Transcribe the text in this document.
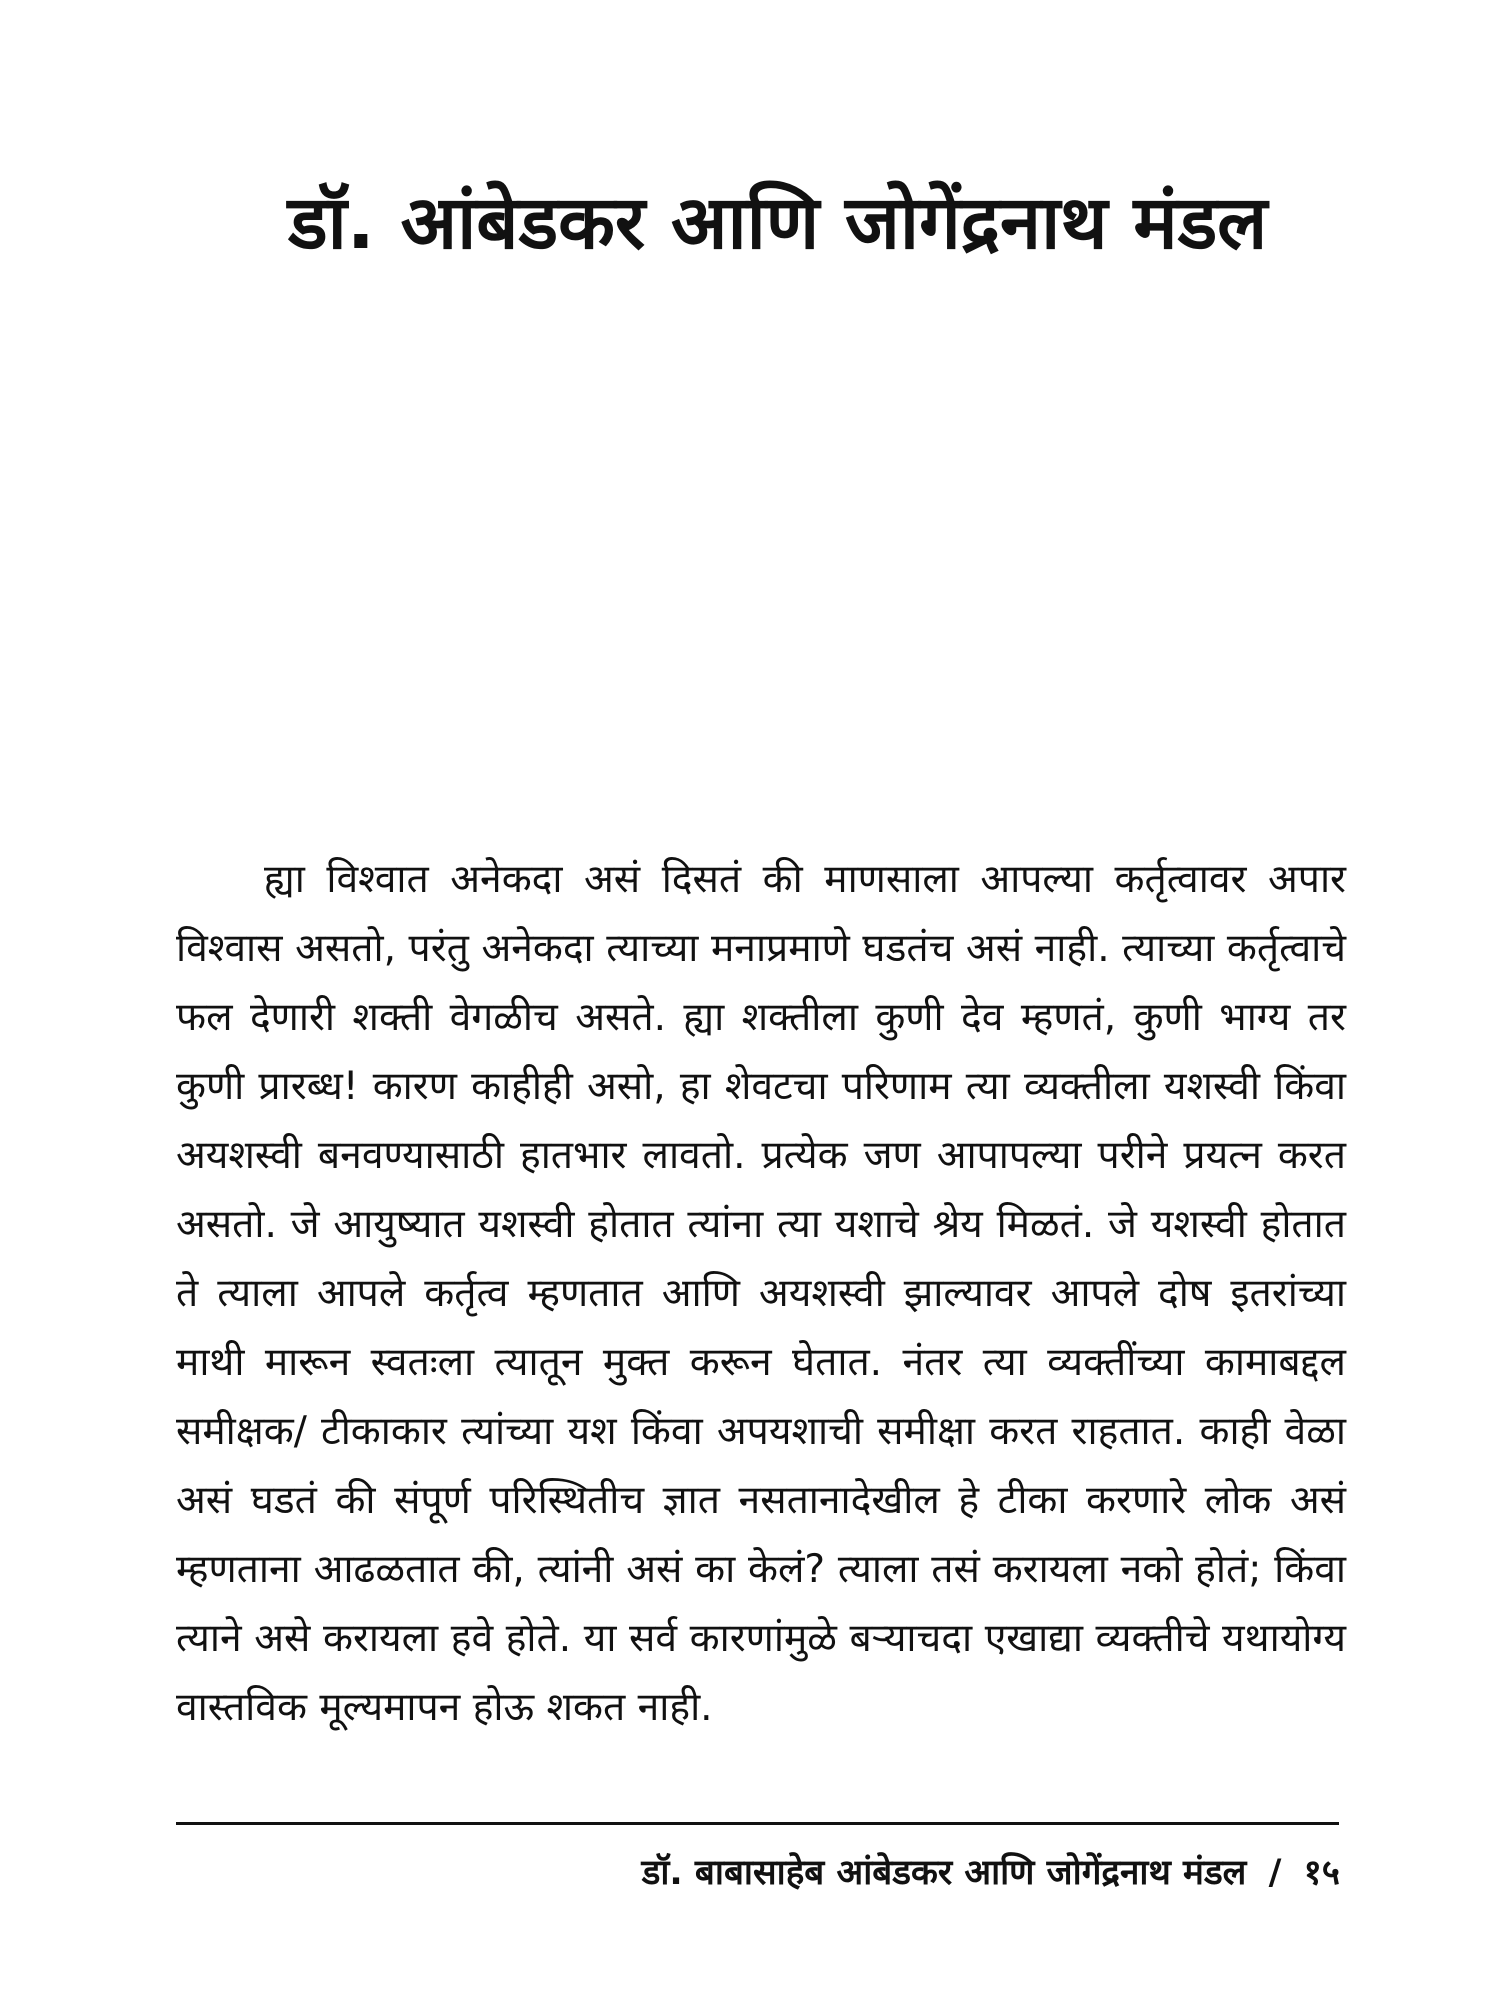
डॉ. आंबेडकर आणि जोगेंद्रनाथ मंडल

ह्या विश्वात अनेकदा असं दिसतं की माणसाला आपल्या कर्तृत्वावर अपार विश्वास असतो, परंतु अनेकदा त्याच्या मनाप्रमाणे घडतंच असं नाही. त्याच्या कर्तृत्वाचे फल देणारी शक्ती वेगळीच असते. ह्या शक्तीला कुणी देव म्हणतं, कुणी भाग्य तर कुणी प्रारब्ध! कारण काहीही असो, हा शेवटचा परिणाम त्या व्यक्तीला यशस्वी किंवा अयशस्वी बनवण्यासाठी हातभार लावतो. प्रत्येक जण आपापल्या परीने प्रयत्न करत असतो. जे आयुष्यात यशस्वी होतात त्यांना त्या यशाचे श्रेय मिळतं. जे यशस्वी होतात ते त्याला आपले कर्तृत्व म्हणतात आणि अयशस्वी झाल्यावर आपले दोष इतरांच्या माथी मारून स्वतःला त्यातून मुक्त करून घेतात. नंतर त्या व्यक्तींच्या कामाबद्दल समीक्षक/ टीकाकार त्यांच्या यश किंवा अपयशाची समीक्षा करत राहतात. काही वेळा असं घडतं की संपूर्ण परिस्थितीच ज्ञात नसतानादेखील हे टीका करणारे लोक असं म्हणताना आढळतात की, त्यांनी असं का केलं? त्याला तसं करायला नको होतं; किंवा त्याने असे करायला हवे होते. या सर्व कारणांमुळे बऱ्याचदा एखाद्या व्यक्तीचे यथायोग्य वास्तविक मूल्यमापन होऊ शकत नाही.

डॉ. बाबासाहेब आंबेडकर आणि जोगेंद्रनाथ मंडल / १५
